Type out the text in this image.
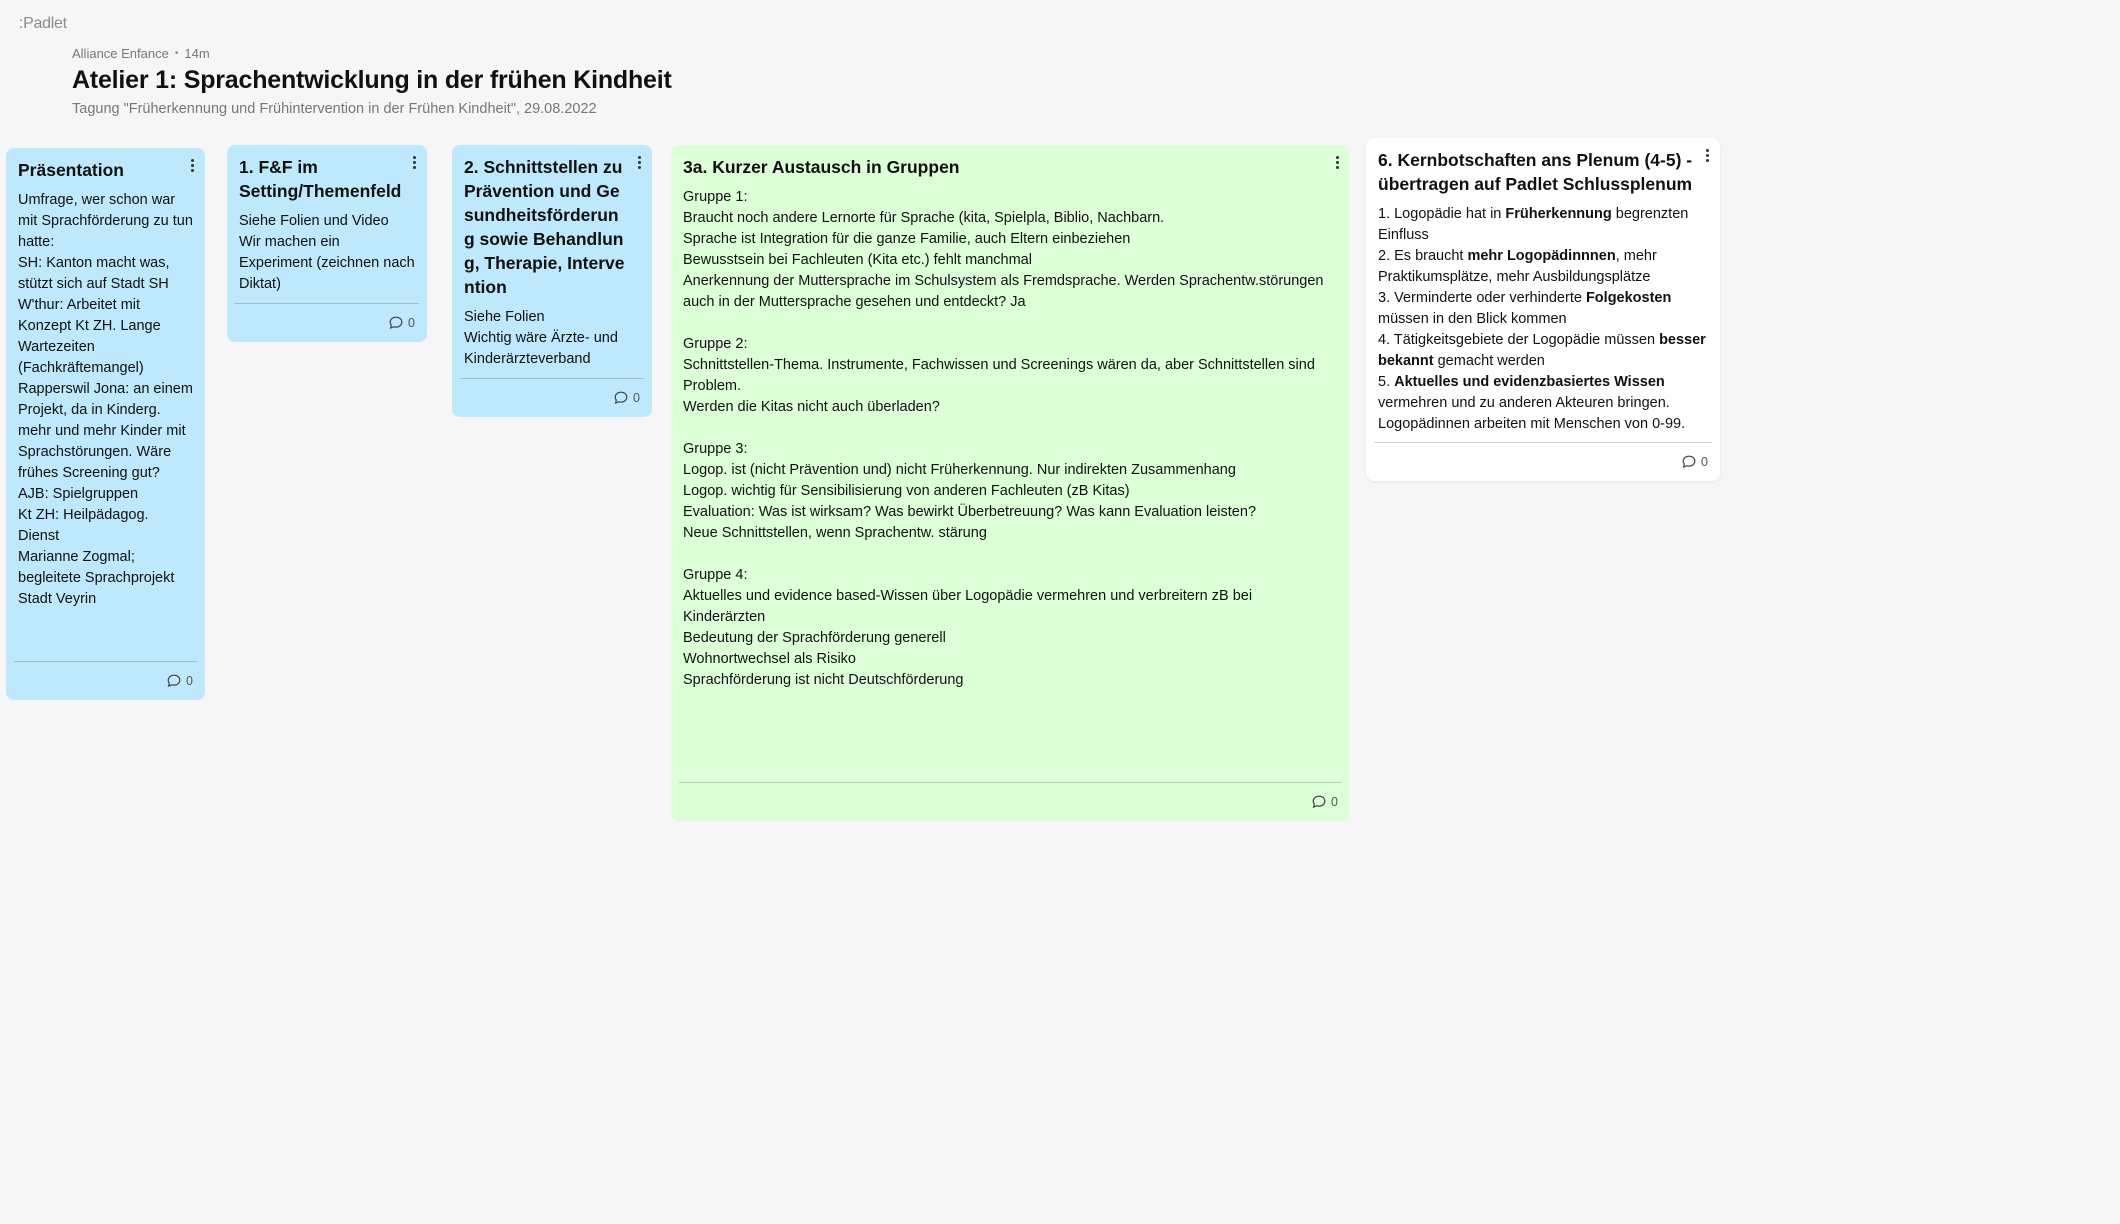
:Padlet
Alliance Enfance • 14m
Atelier 1: Sprachentwicklung in der frühen Kindheit
Tagung "Früherkennung und Frühintervention in der Frühen Kindheit", 29.08.2022
Präsentation
Umfrage, wer schon war mit Sprachförderung zu tun hatte:
SH: Kanton macht was, stützt sich auf Stadt SH
W'thur: Arbeitet mit Konzept Kt ZH. Lange Wartezeiten (Fachkräftemangel)
Rapperswil Jona: an einem Projekt, da in Kinderg. mehr und mehr Kinder mit Sprachstörungen. Wäre frühes Screening gut?
AJB: Spielgruppen
Kt ZH: Heilpädagog. Dienst
Marianne Zogmal; begleitete Sprachprojekt Stadt Veyrin
0
1. F&F im Setting/Themenfeld
Siehe Folien und Video
Wir machen ein Experiment (zeichnen nach Diktat)
0
2. Schnittstellen zu Prävention und Gesundheitsförderung sowie Behandlung, Therapie, Intervention
Siehe Folien
Wichtig wäre Ärzte- und Kinderärzteverband
0
3a. Kurzer Austausch in Gruppen
Gruppe 1:
Braucht noch andere Lernorte für Sprache (kita, Spielpla, Biblio, Nachbarn.
Sprache ist Integration für die ganze Familie, auch Eltern einbeziehen
Bewusstsein bei Fachleuten (Kita etc.) fehlt manchmal
Anerkennung der Muttersprache im Schulsystem als Fremdsprache. Werden Sprachentw.störungen auch in der Muttersprache gesehen und entdeckt? Ja

Gruppe 2:
Schnittstellen-Thema. Instrumente, Fachwissen und Screenings wären da, aber Schnittstellen sind Problem.
Werden die Kitas nicht auch überladen?

Gruppe 3:
Logop. ist (nicht Prävention und) nicht Früherkennung. Nur indirekten Zusammenhang
Logop. wichtig für Sensibilisierung von anderen Fachleuten (zB Kitas)
Evaluation: Was ist wirksam? Was bewirkt Überbetreuung? Was kann Evaluation leisten?
Neue Schnittstellen, wenn Sprachentw. stärung

Gruppe 4:
Aktuelles und evidence based-Wissen über Logopädie vermehren und verbreitern zB bei Kinderärzten
Bedeutung der Sprachförderung generell
Wohnortwechsel als Risiko
Sprachförderung ist nicht Deutschförderung
0
6. Kernbotschaften ans Plenum (4-5) - übertragen auf Padlet Schlussplenum
1. Logopädie hat in Früherkennung begrenzten Einfluss
2. Es braucht mehr Logopädinnnen, mehr Praktikumsplätze, mehr Ausbildungsplätze
3. Verminderte oder verhinderte Folgekosten müssen in den Blick kommen
4. Tätigkeitsgebiete der Logopädie müssen besser bekannt gemacht werden
5. Aktuelles und evidenzbasiertes Wissen vermehren und zu anderen Akteuren bringen.
Logopädinnen arbeiten mit Menschen von 0-99.
0
